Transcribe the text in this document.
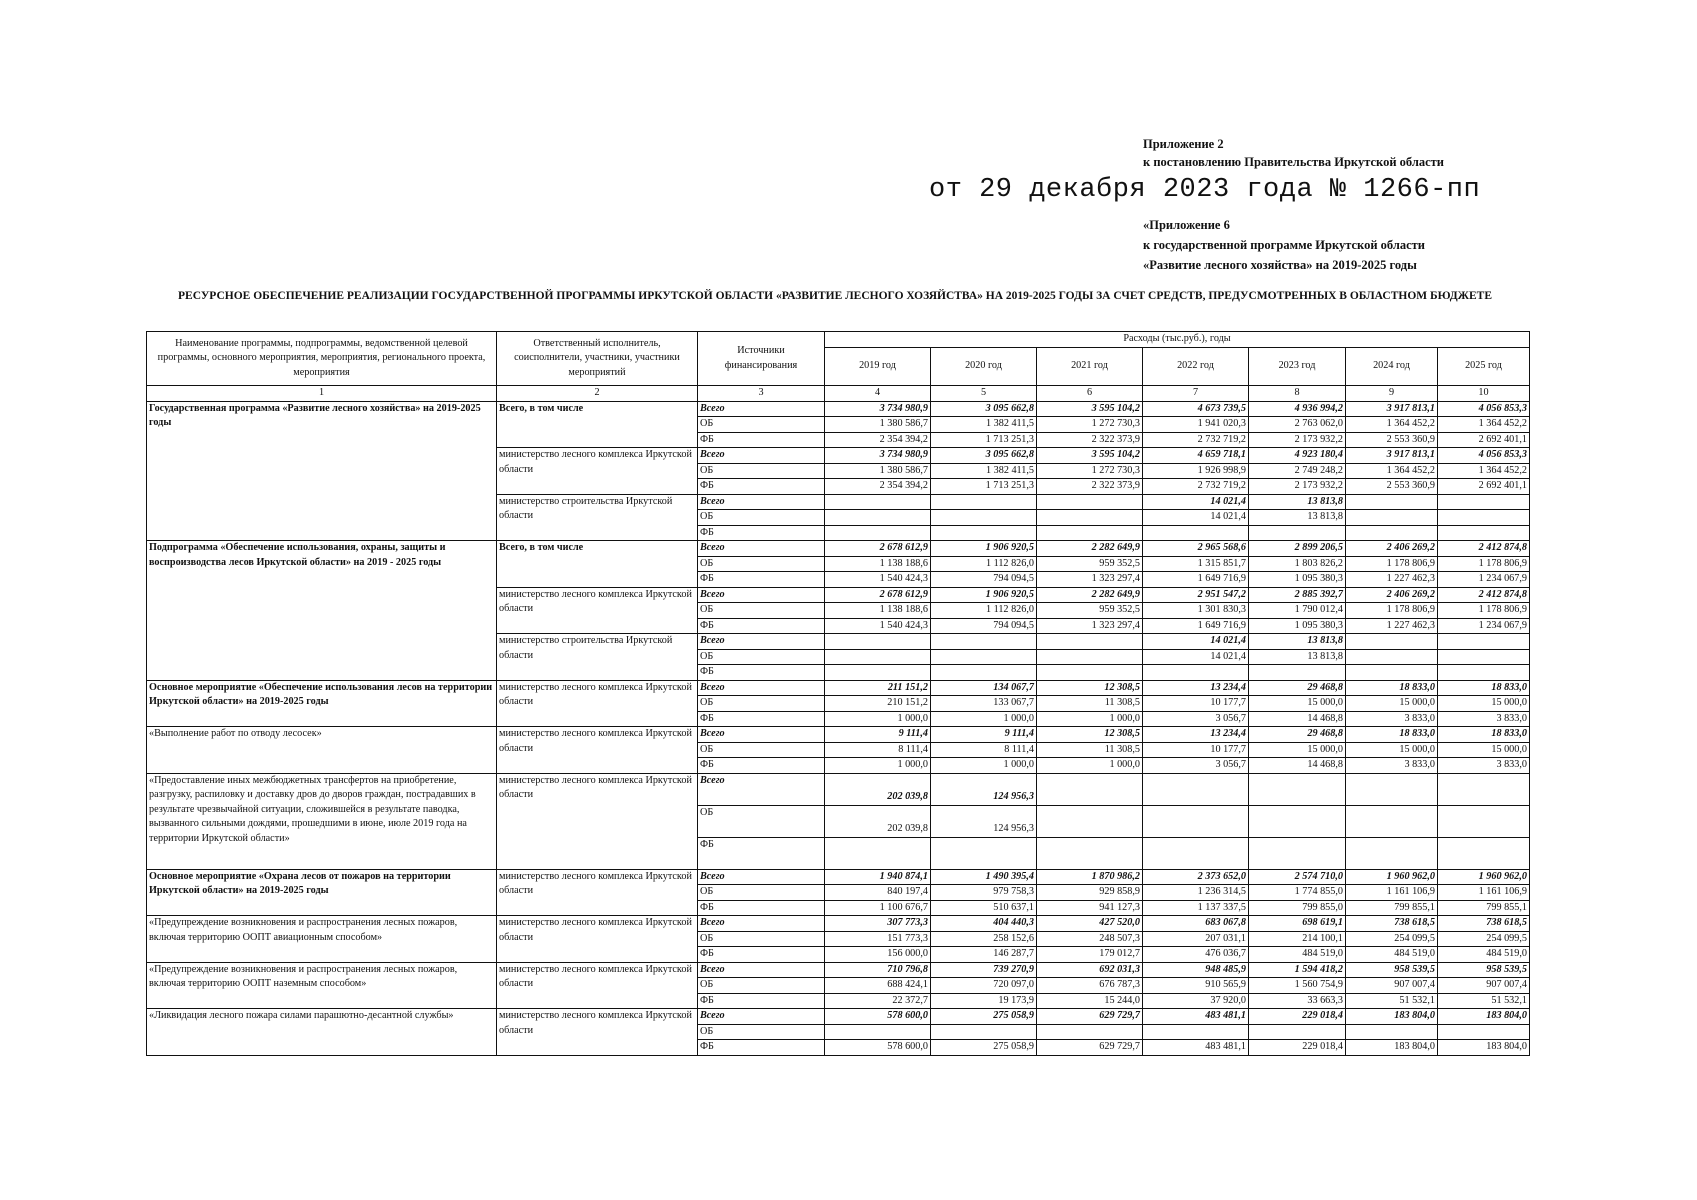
Приложение 2
к постановлению Правительства Иркутской области
от 29 декабря 2023 года № 1266-пп
«Приложение 6
к государственной программе Иркутской области
«Развитие лесного хозяйства» на 2019-2025 годы
РЕСУРСНОЕ ОБЕСПЕЧЕНИЕ РЕАЛИЗАЦИИ ГОСУДАРСТВЕННОЙ ПРОГРАММЫ ИРКУТСКОЙ ОБЛАСТИ «РАЗВИТИЕ ЛЕСНОГО ХОЗЯЙСТВА» НА 2019-2025 ГОДЫ ЗА СЧЕТ СРЕДСТВ, ПРЕДУСМОТРЕННЫХ В ОБЛАСТНОМ БЮДЖЕТЕ
Наименование программы, подпрограммы, ведомственной целевой программы, основного мероприятия, мероприятия, регионального проекта, мероприятия	Ответственный исполнитель, соисполнители, участники, участники мероприятий	Источники финансирования	Расходы (тыс.руб.), годы						
			2019 год	2020 год	2021 год	2022 год	2023 год	2024 год	2025 год
1	2	3	4	5	6	7	8	9	10
Государственная программа «Развитие лесного хозяйства» на 2019-2025 годы	Всего, в том числе	Всего	3 734 980,9	3 095 662,8	3 595 104,2	4 673 739,5	4 936 994,2	3 917 813,1	4 056 853,3
		ОБ	1 380 586,7	1 382 411,5	1 272 730,3	1 941 020,3	2 763 062,0	1 364 452,2	1 364 452,2
		ФБ	2 354 394,2	1 713 251,3	2 322 373,9	2 732 719,2	2 173 932,2	2 553 360,9	2 692 401,1
	министерство лесного комплекса Иркутской области	Всего	3 734 980,9	3 095 662,8	3 595 104,2	4 659 718,1	4 923 180,4	3 917 813,1	4 056 853,3
		ОБ	1 380 586,7	1 382 411,5	1 272 730,3	1 926 998,9	2 749 248,2	1 364 452,2	1 364 452,2
		ФБ	2 354 394,2	1 713 251,3	2 322 373,9	2 732 719,2	2 173 932,2	2 553 360,9	2 692 401,1
	министерство строительства Иркутской области	Всего				14 021,4	13 813,8		
		ОБ				14 021,4	13 813,8		
		ФБ							
Подпрограмма «Обеспечение использования, охраны, защиты и воспроизводства лесов Иркутской области» на 2019 - 2025 годы	Всего, в том числе	Всего	2 678 612,9	1 906 920,5	2 282 649,9	2 965 568,6	2 899 206,5	2 406 269,2	2 412 874,8
		ОБ	1 138 188,6	1 112 826,0	959 352,5	1 315 851,7	1 803 826,2	1 178 806,9	1 178 806,9
		ФБ	1 540 424,3	794 094,5	1 323 297,4	1 649 716,9	1 095 380,3	1 227 462,3	1 234 067,9
	министерство лесного комплекса Иркутской области	Всего	2 678 612,9	1 906 920,5	2 282 649,9	2 951 547,2	2 885 392,7	2 406 269,2	2 412 874,8
		ОБ	1 138 188,6	1 112 826,0	959 352,5	1 301 830,3	1 790 012,4	1 178 806,9	1 178 806,9
		ФБ	1 540 424,3	794 094,5	1 323 297,4	1 649 716,9	1 095 380,3	1 227 462,3	1 234 067,9
	министерство строительства Иркутской области	Всего				14 021,4	13 813,8		
		ОБ				14 021,4	13 813,8		
		ФБ							
Основное мероприятие «Обеспечение использования лесов на территории Иркутской области» на 2019-2025 годы	министерство лесного комплекса Иркутской области	Всего	211 151,2	134 067,7	12 308,5	13 234,4	29 468,8	18 833,0	18 833,0
		ОБ	210 151,2	133 067,7	11 308,5	10 177,7	15 000,0	15 000,0	15 000,0
		ФБ	1 000,0	1 000,0	1 000,0	3 056,7	14 468,8	3 833,0	3 833,0
«Выполнение работ по отводу лесосек»	министерство лесного комплекса Иркутской области	Всего	9 111,4	9 111,4	12 308,5	13 234,4	29 468,8	18 833,0	18 833,0
		ОБ	8 111,4	8 111,4	11 308,5	10 177,7	15 000,0	15 000,0	15 000,0
		ФБ	1 000,0	1 000,0	1 000,0	3 056,7	14 468,8	3 833,0	3 833,0
«Предоставление иных межбюджетных трансфертов на приобретение, разгрузку, распиловку и доставку дров до дворов граждан, пострадавших в результате чрезвычайной ситуации, сложившейся в результате паводка, вызванного сильными дождями, прошедшими в июне, июле 2019 года на территории Иркутской области»	министерство лесного комплекса Иркутской области	Всего	202 039,8	124 956,3					
		ОБ	202 039,8	124 956,3					
		ФБ							
Основное мероприятие «Охрана лесов от пожаров на территории Иркутской области» на 2019-2025 годы	министерство лесного комплекса Иркутской области	Всего	1 940 874,1	1 490 395,4	1 870 986,2	2 373 652,0	2 574 710,0	1 960 962,0	1 960 962,0
		ОБ	840 197,4	979 758,3	929 858,9	1 236 314,5	1 774 855,0	1 161 106,9	1 161 106,9
		ФБ	1 100 676,7	510 637,1	941 127,3	1 137 337,5	799 855,0	799 855,1	799 855,1
«Предупреждение возникновения и распространения лесных пожаров, включая территорию ООПТ авиационным способом»	министерство лесного комплекса Иркутской области	Всего	307 773,3	404 440,3	427 520,0	683 067,8	698 619,1	738 618,5	738 618,5
		ОБ	151 773,3	258 152,6	248 507,3	207 031,1	214 100,1	254 099,5	254 099,5
		ФБ	156 000,0	146 287,7	179 012,7	476 036,7	484 519,0	484 519,0	484 519,0
«Предупреждение возникновения и распространения лесных пожаров, включая территорию ООПТ наземным способом»	министерство лесного комплекса Иркутской области	Всего	710 796,8	739 270,9	692 031,3	948 485,9	1 594 418,2	958 539,5	958 539,5
		ОБ	688 424,1	720 097,0	676 787,3	910 565,9	1 560 754,9	907 007,4	907 007,4
		ФБ	22 372,7	19 173,9	15 244,0	37 920,0	33 663,3	51 532,1	51 532,1
«Ликвидация лесного пожара силами парашютно-десантной службы»	министерство лесного комплекса Иркутской области	Всего	578 600,0	275 058,9	629 729,7	483 481,1	229 018,4	183 804,0	183 804,0
		ОБ							
		ФБ	578 600,0	275 058,9	629 729,7	483 481,1	229 018,4	183 804,0	183 804,0
